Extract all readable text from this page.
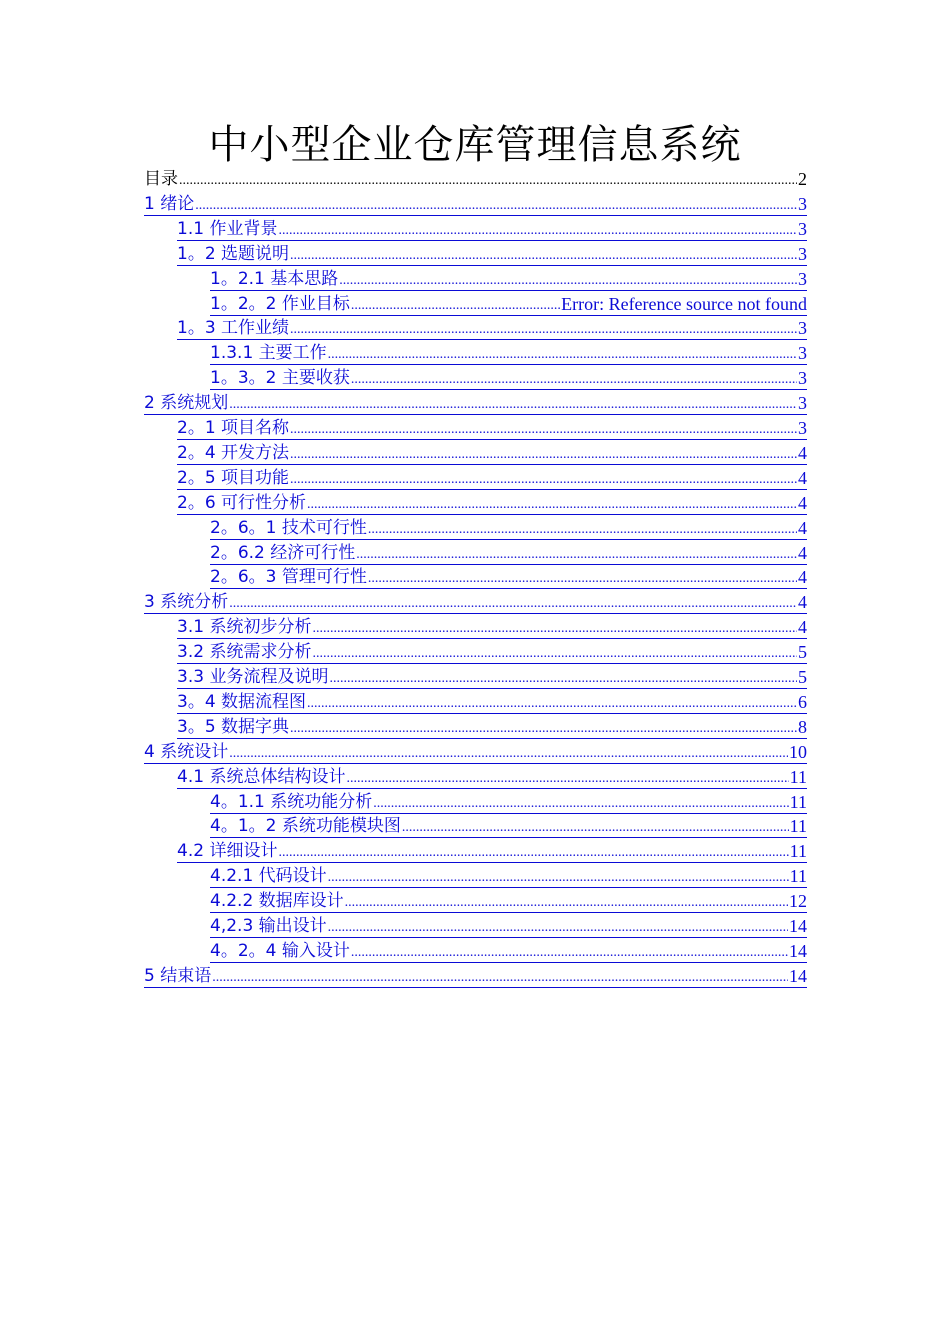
中小型企业仓库管理信息系统
目录 .....	2
1 绪论 .....	3
1.1 作业背景 .....	3
1。2 选题说明 .....	3
1。2.1 基本思路 .....	3
1。2。2 作业目标 .....	Error: Reference source not found
1。3 工作业绩 .....	3
1.3.1 主要工作 .....	3
1。3。2 主要收获 .....	3
2 系统规划 .....	3
2。1 项目名称 .....	3
2。4 开发方法 .....	4
2。5 项目功能 .....	4
2。6 可行性分析 .....	4
2。6。1 技术可行性 .....	4
2。6.2 经济可行性 .....	4
2。6。3 管理可行性 .....	4
3 系统分析 .....	4
3.1 系统初步分析 .....	4
3.2 系统需求分析 .....	5
3.3 业务流程及说明 .....	5
3。4 数据流程图 .....	6
3。5 数据字典 .....	8
4 系统设计 .....	10
4.1 系统总体结构设计 .....	11
4。1.1 系统功能分析 .....	11
4。1。2 系统功能模块图 .....	11
4.2 详细设计 .....	11
4.2.1 代码设计 .....	11
4.2.2 数据库设计 .....	12
4,2.3 输出设计 .....	14
4。2。4 输入设计 .....	14
5 结束语 .....	14
